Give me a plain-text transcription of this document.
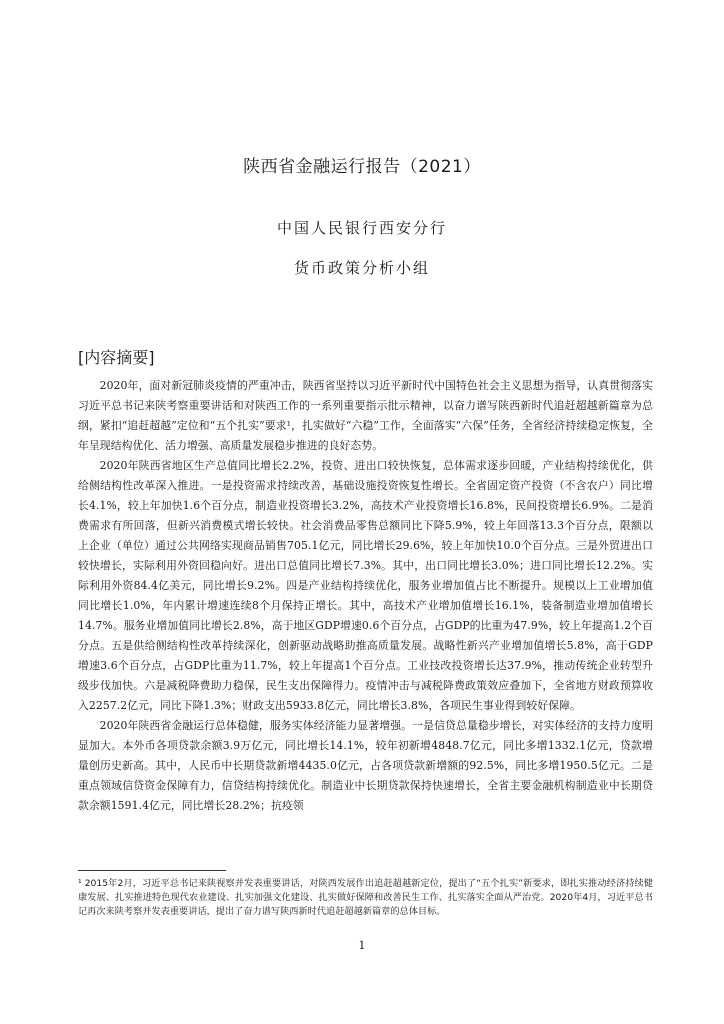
陕西省金融运行报告（2021）
中国人民银行西安分行
货币政策分析小组
[内容摘要]

2020年，面对新冠肺炎疫情的严重冲击，陕西省坚持以习近平新时代中国特色社会主义思想为指导，认真贯彻落实习近平总书记来陕考察重要讲话和对陕西工作的一系列重要指示批示精神，以奋力谱写陕西新时代追赶超越新篇章为总纲，紧扣“追赶超越”定位和“五个扎实”要求¹，扎实做好“六稳”工作，全面落实“六保”任务，全省经济持续稳定恢复，全年呈现结构优化、活力增强、高质量发展稳步推进的良好态势。

2020年陕西省地区生产总值同比增长2.2%，投资、进出口较快恢复，总体需求逐步回暖，产业结构持续优化，供给侧结构性改革深入推进。一是投资需求持续改善，基础设施投资恢复性增长。全省固定资产投资（不含农户）同比增长4.1%，较上年加快1.6个百分点，制造业投资增长3.2%，高技术产业投资增长16.8%，民间投资增长6.9%。二是消费需求有所回落，但新兴消费模式增长较快。社会消费品零售总额同比下降5.9%，较上年回落13.3个百分点，限额以上企业（单位）通过公共网络实现商品销售705.1亿元，同比增长29.6%，较上年加快10.0个百分点。三是外贸进出口较快增长，实际利用外资回稳向好。进出口总值同比增长7.3%。其中，出口同比增长3.0%；进口同比增长12.2%。实际利用外资84.4亿美元，同比增长9.2%。四是产业结构持续优化，服务业增加值占比不断提升。规模以上工业增加值同比增长1.0%，年内累计增速连续8个月保持正增长。其中，高技术产业增加值增长16.1%，装备制造业增加值增长14.7%。服务业增加值同比增长2.8%，高于地区GDP增速0.6个百分点，占GDP的比重为47.9%，较上年提高1.2个百分点。五是供给侧结构性改革持续深化，创新驱动战略助推高质量发展。战略性新兴产业增加值增长5.8%，高于GDP增速3.6个百分点，占GDP比重为11.7%，较上年提高1个百分点。工业技改投资增长达37.9%，推动传统企业转型升级步伐加快。六是减税降费助力稳保，民生支出保障得力。疫情冲击与减税降费政策效应叠加下，全省地方财政预算收入2257.2亿元，同比下降1.3%；财政支出5933.8亿元，同比增长3.8%，各项民生事业得到较好保障。

2020年陕西省金融运行总体稳健，服务实体经济能力显著增强。一是信贷总量稳步增长，对实体经济的支持力度明显加大。本外币各项贷款余额3.9万亿元，同比增长14.1%，较年初新增4848.7亿元，同比多增1332.1亿元，贷款增量创历史新高。其中，人民币中长期贷款新增4435.0亿元，占各项贷款新增额的92.5%，同比多增1950.5亿元。二是重点领域信贷资金保障有力，信贷结构持续优化。制造业中长期贷款保持快速增长，全省主要金融机构制造业中长期贷款余额1591.4亿元，同比增长28.2%；抗疫领

¹ 2015年2月，习近平总书记来陕视察并发表重要讲话，对陕西发展作出追赶超越新定位，提出了“五个扎实”新要求，即扎实推动经济持续健康发展、扎实推进特色现代农业建设、扎实加强文化建设、扎实做好保障和改善民生工作、扎实落实全面从严治党。2020年4月，习近平总书记再次来陕考察并发表重要讲话，提出了奋力谱写陕西新时代追赶超越新篇章的总体目标。
1
